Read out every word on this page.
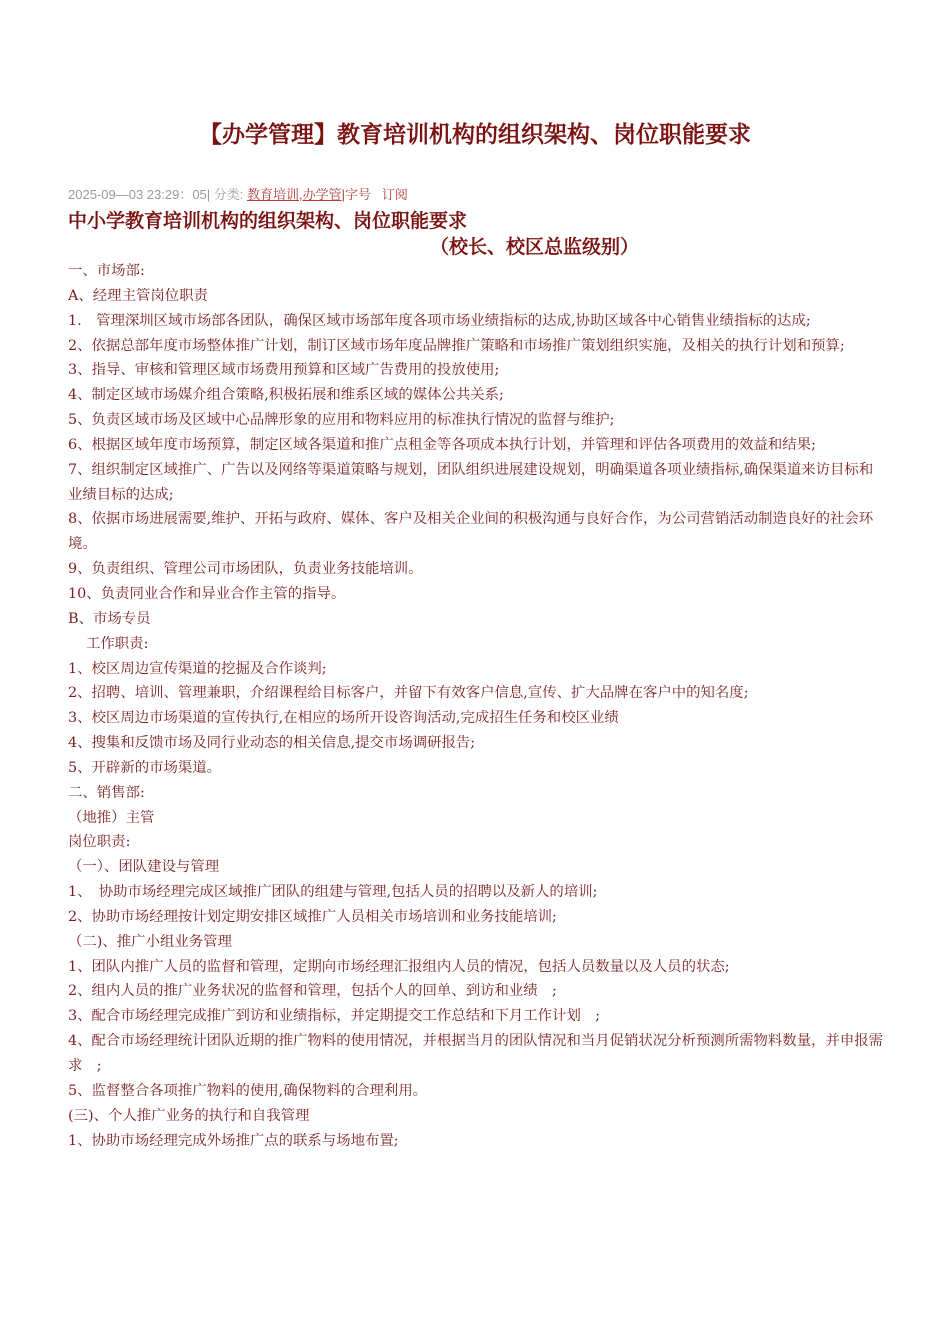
【办学管理】教育培训机构的组织架构、岗位职能要求
2025-09—03 23:29：05| 分类: 教育培训,办学管|字号 订阅
中小学教育培训机构的组织架构、岗位职能要求
（校长、校区总监级别）

一、市场部:

A、经理主管岗位职责

1.　管理深圳区域市场部各团队，确保区域市场部年度各项市场业绩指标的达成,协助区域各中心销售业绩指标的达成;

2、依据总部年度市场整体推广计划，制订区域市场年度品牌推广策略和市场推广策划组织实施，及相关的执行计划和预算;

3、指导、审核和管理区域市场费用预算和区域广告费用的投放使用;

4、制定区域市场媒介组合策略,积极拓展和维系区域的媒体公共关系;

5、负责区域市场及区域中心品牌形象的应用和物料应用的标准执行情况的监督与维护;

6、根据区域年度市场预算，制定区域各渠道和推广点租金等各项成本执行计划，并管理和评估各项费用的效益和结果;

7、组织制定区域推广、广告以及网络等渠道策略与规划，团队组织进展建设规划，明确渠道各项业绩指标,确保渠道来访目标和业绩目标的达成;

8、依据市场进展需要,维护、开拓与政府、媒体、客户及相关企业间的积极沟通与良好合作，为公司营销活动制造良好的社会环境。

9、负责组织、管理公司市场团队，负责业务技能培训。

10、负责同业合作和异业合作主管的指导。

B、市场专员

工作职责:

1、校区周边宣传渠道的挖掘及合作谈判;

2、招聘、培训、管理兼职，介绍课程给目标客户，并留下有效客户信息,宣传、扩大品牌在客户中的知名度;

3、校区周边市场渠道的宣传执行,在相应的场所开设咨询活动,完成招生任务和校区业绩

4、搜集和反馈市场及同行业动态的相关信息,提交市场调研报告;

5、开辟新的市场渠道。

二、销售部:

（地推）主管

岗位职责:

（一）、团队建设与管理

1、　协助市场经理完成区域推广团队的组建与管理,包括人员的招聘以及新人的培训;

2、协助市场经理按计划定期安排区域推广人员相关市场培训和业务技能培训;

（二)、推广小组业务管理

1、团队内推广人员的监督和管理，定期向市场经理汇报组内人员的情况，包括人员数量以及人员的状态;

2、组内人员的推广业务状况的监督和管理，包括个人的回单、到访和业绩　;

3、配合市场经理完成推广到访和业绩指标，并定期提交工作总结和下月工作计划　;

4、配合市场经理统计团队近期的推广物料的使用情况，并根据当月的团队情况和当月促销状况分析预测所需物料数量，并申报需求　;

5、监督整合各项推广物料的使用,确保物料的合理利用。

(三)、个人推广业务的执行和自我管理

1、协助市场经理完成外场推广点的联系与场地布置;
